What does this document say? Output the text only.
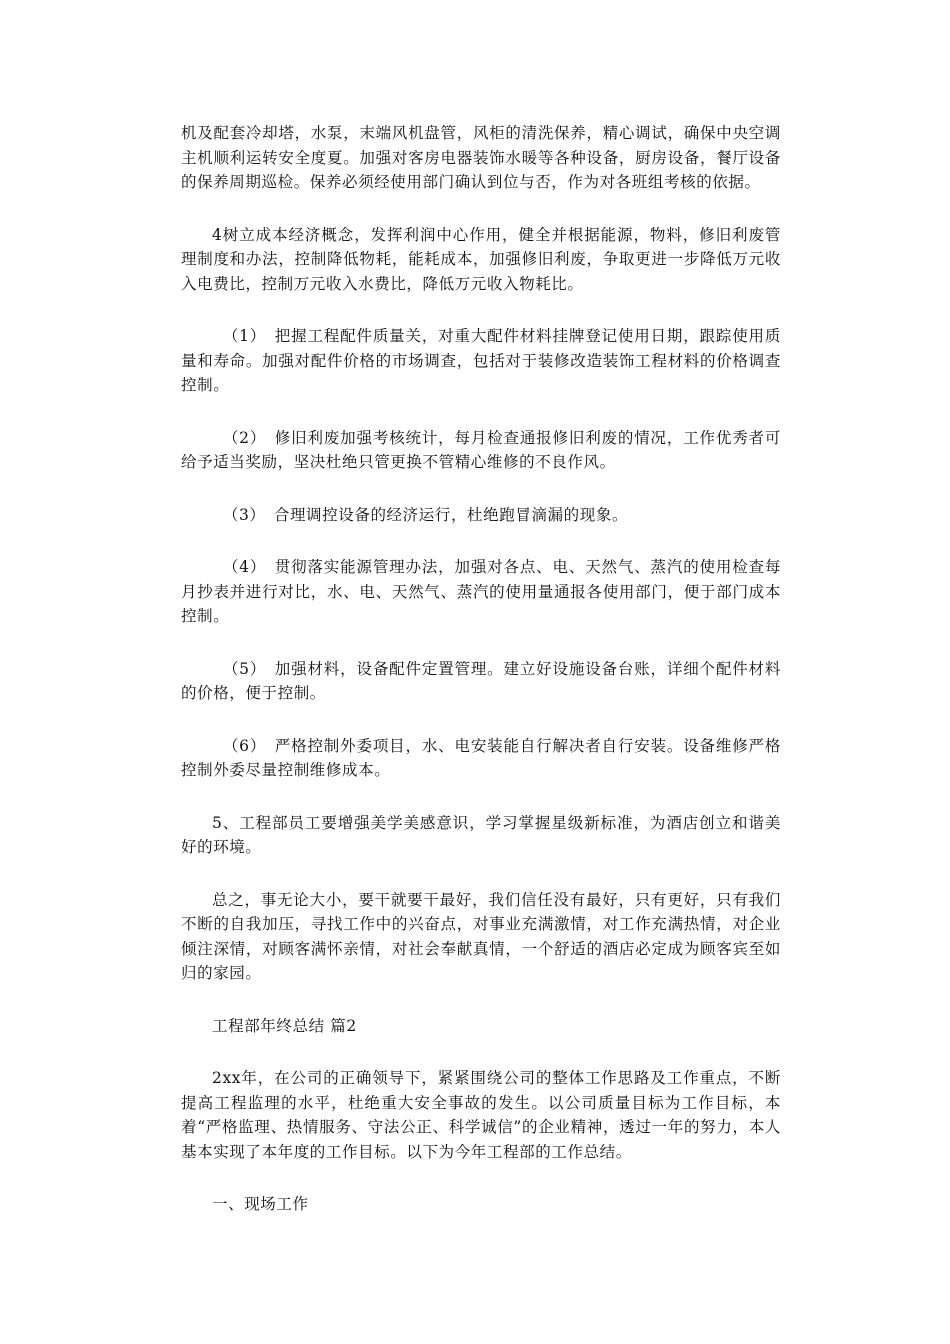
机及配套冷却塔，水泵，末端风机盘管，风柜的清洗保养，精心调试，确保中央空调主机顺利运转安全度夏。加强对客房电器装饰水暖等各种设备，厨房设备，餐厅设备的保养周期巡检。保养必须经使用部门确认到位与否，作为对各班组考核的依据。

4树立成本经济概念，发挥利润中心作用，健全并根据能源，物料，修旧利废管理制度和办法，控制降低物耗，能耗成本，加强修旧利废，争取更进一步降低万元收入电费比，控制万元收入水费比，降低万元收入物耗比。

（1）　把握工程配件质量关，对重大配件材料挂牌登记使用日期，跟踪使用质量和寿命。加强对配件价格的市场调查，包括对于装修改造装饰工程材料的价格调查控制。

（2）　修旧利废加强考核统计，每月检查通报修旧利废的情况，工作优秀者可给予适当奖励，坚决杜绝只管更换不管精心维修的不良作风。

（3）　合理调控设备的经济运行，杜绝跑冒滴漏的现象。

（4）　贯彻落实能源管理办法，加强对各点、电、天然气、蒸汽的使用检查每月抄表并进行对比，水、电、天然气、蒸汽的使用量通报各使用部门，便于部门成本控制。

（5）　加强材料，设备配件定置管理。建立好设施设备台账，详细个配件材料的价格，便于控制。

（6）　严格控制外委项目，水、电安装能自行解决者自行安装。设备维修严格控制外委尽量控制维修成本。

5、工程部员工要增强美学美感意识，学习掌握星级新标准，为酒店创立和谐美好的环境。

总之，事无论大小，要干就要干最好，我们信任没有最好，只有更好，只有我们不断的自我加压，寻找工作中的兴奋点，对事业充满激情，对工作充满热情，对企业倾注深情，对顾客满怀亲情，对社会奉献真情，一个舒适的酒店必定成为顾客宾至如归的家园。

工程部年终总结 篇2

2xx年，在公司的正确领导下，紧紧围绕公司的整体工作思路及工作重点，不断提高工程监理的水平，杜绝重大安全事故的发生。以公司质量目标为工作目标，本着“严格监理、热情服务、守法公正、科学诚信”的企业精神，透过一年的努力，本人基本实现了本年度的工作目标。以下为今年工程部的工作总结。

一、现场工作
